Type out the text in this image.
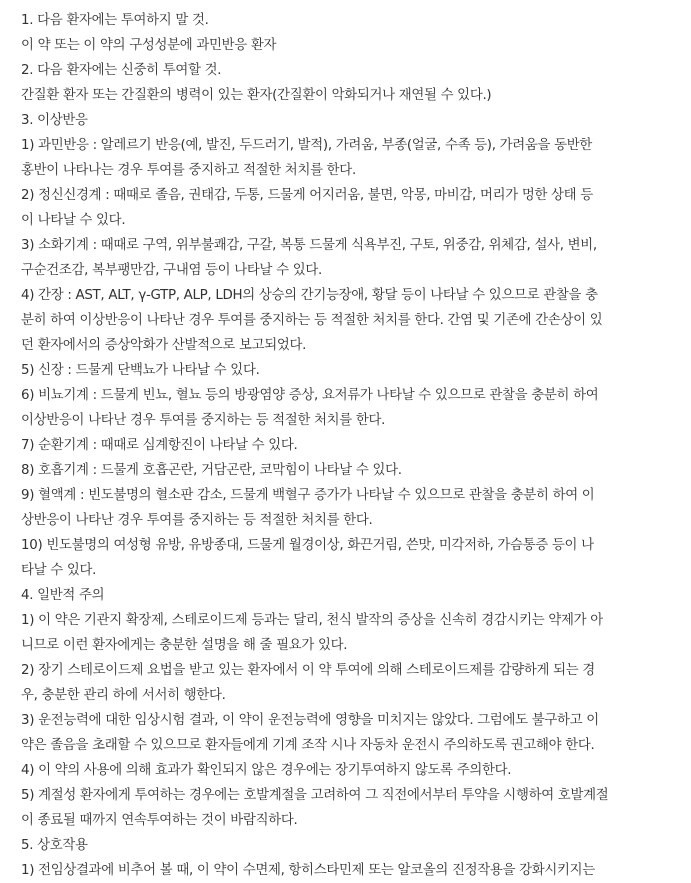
1. 다음 환자에는 투여하지 말 것.
이 약 또는 이 약의 구성성분에 과민반응 환자
2. 다음 환자에는 신중히 투여할 것.
간질환 환자 또는 간질환의 병력이 있는 환자(간질환이 악화되거나 재연될 수 있다.)
3. 이상반응
1) 과민반응 : 알레르기 반응(예, 발진, 두드러기, 발적), 가려움, 부종(얼굴, 수족 등), 가려움을 동반한
홍반이 나타나는 경우 투여를 중지하고 적절한 처치를 한다.
2) 정신신경계 : 때때로 졸음, 권태감, 두통, 드물게 어지러움, 불면, 악몽, 마비감, 머리가 멍한 상태 등
이 나타날 수 있다.
3) 소화기계 : 때때로 구역, 위부불쾌감, 구갈, 복통 드물게 식욕부진, 구토, 위중감, 위체감, 설사, 변비,
구순건조감, 복부팽만감, 구내염 등이 나타날 수 있다.
4) 간장 : AST, ALT, γ-GTP, ALP, LDH의 상승의 간기능장애, 황달 등이 나타날 수 있으므로 관찰을 충
분히 하여 이상반응이 나타난 경우 투여를 중지하는 등 적절한 처치를 한다. 간염 및 기존에 간손상이 있
던 환자에서의 증상악화가 산발적으로 보고되었다.
5) 신장 : 드물게 단백뇨가 나타날 수 있다.
6) 비뇨기계 : 드물게 빈뇨, 혈뇨 등의 방광염양 증상, 요저류가 나타날 수 있으므로 관찰을 충분히 하여
이상반응이 나타난 경우 투여를 중지하는 등 적절한 처치를 한다.
7) 순환기계 : 때때로 심계항진이 나타날 수 있다.
8) 호흡기계 : 드물게 호흡곤란, 거담곤란, 코막힘이 나타날 수 있다.
9) 혈액계 : 빈도불명의 혈소판 감소, 드물게 백혈구 증가가 나타날 수 있으므로 관찰을 충분히 하여 이
상반응이 나타난 경우 투여를 중지하는 등 적절한 처치를 한다.
10) 빈도불명의 여성형 유방, 유방종대, 드물게 월경이상, 화끈거림, 쓴맛, 미각저하, 가슴통증 등이 나
타날 수 있다.
4. 일반적 주의
1) 이 약은 기관지 확장제, 스테로이드제 등과는 달리, 천식 발작의 증상을 신속히 경감시키는 약제가 아
니므로 이런 환자에게는 충분한 설명을 해 줄 필요가 있다.
2) 장기 스테로이드제 요법을 받고 있는 환자에서 이 약 투여에 의해 스테로이드제를 감량하게 되는 경
우, 충분한 관리 하에 서서히 행한다.
3) 운전능력에 대한 임상시험 결과, 이 약이 운전능력에 영향을 미치지는 않았다. 그럼에도 불구하고 이
약은 졸음을 초래할 수 있으므로 환자들에게 기계 조작 시나 자동차 운전시 주의하도록 권고해야 한다.
4) 이 약의 사용에 의해 효과가 확인되지 않은 경우에는 장기투여하지 않도록 주의한다.
5) 계절성 환자에게 투여하는 경우에는 호발계절을 고려하여 그 직전에서부터 투약을 시행하여 호발계절
이 종료될 때까지 연속투여하는 것이 바람직하다.
5. 상호작용
1) 전임상결과에 비추어 볼 때, 이 약이 수면제, 항히스타민제 또는 알코올의 진정작용을 강화시키지는
